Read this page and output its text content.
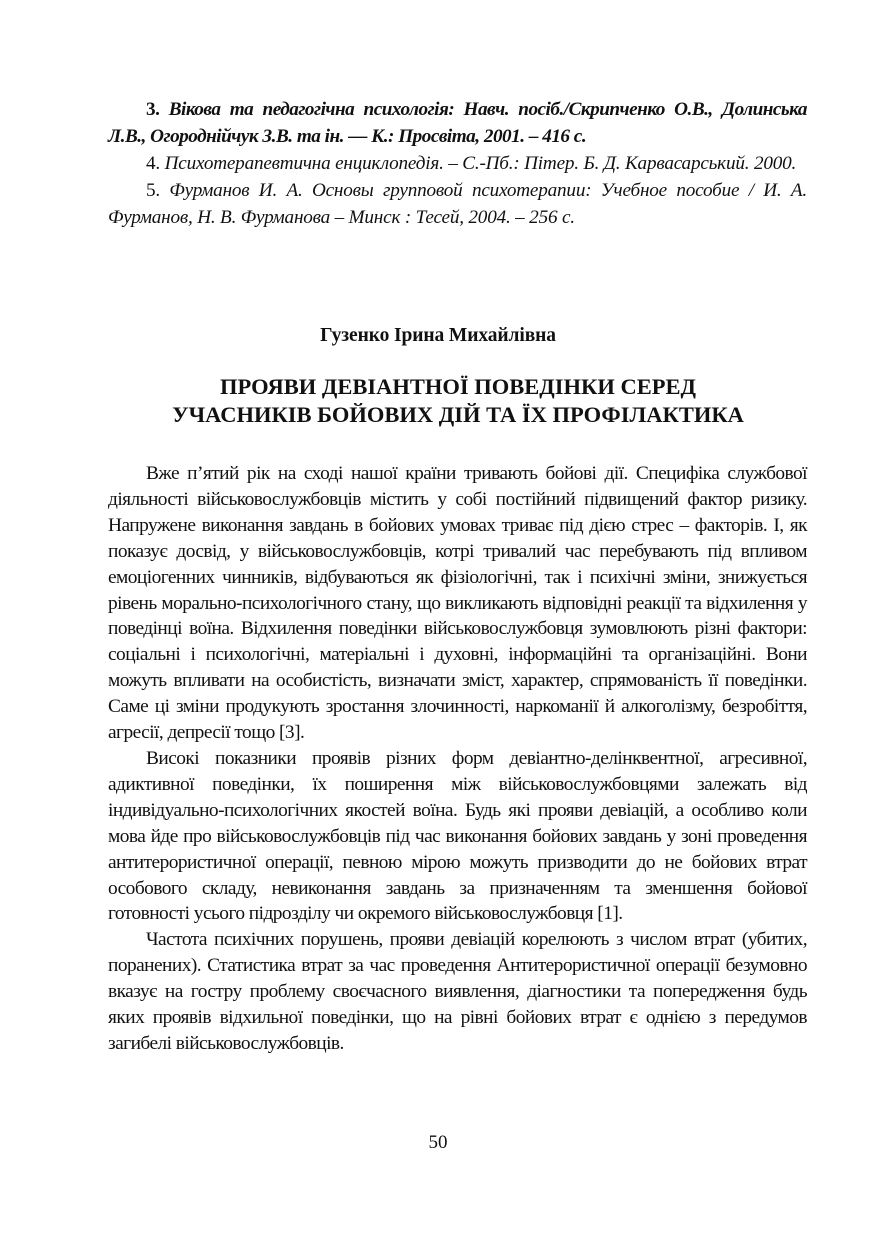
3. Вікова та педагогічна психологія: Навч. посіб./Скрипченко О.В., Долинська Л.В., Огороднійчук З.В. та ін. — К.: Просвіта, 2001. – 416 с.

4. Психотерапевтична енциклопедія. – С.-Пб.: Пітер. Б. Д. Карвасарський. 2000.

5. Фурманов И. А. Основы групповой психотерапии: Учебное пособие / И. А. Фурманов, Н. В. Фурманова – Минск : Тесей, 2004. – 256 с.

Гузенко Ірина Михайлівна
ПРОЯВИ ДЕВІАНТНОЇ ПОВЕДІНКИ СЕРЕД
УЧАСНИКІВ БОЙОВИХ ДІЙ ТА ЇХ ПРОФІЛАКТИКА

Вже п’ятий рік на сході нашої країни тривають бойові дії. Специфіка службової діяльності військовослужбовців містить у собі постійний підвищений фактор ризику. Напружене виконання завдань в бойових умовах триває під дією стрес – факторів. І, як показує досвід, у військовослужбовців, котрі тривалий час перебувають під впливом емоціогенних чинників, відбуваються як фізіологічні, так і психічні зміни, знижується рівень морально-психологічного стану, що викликають відповідні реакції та відхилення у поведінці воїна. Відхилення поведінки військовослужбовця зумовлюють різні фактори: соціальні і психологічні, матеріальні і духовні, інформаційні та організаційні. Вони можуть впливати на особистість, визначати зміст, характер, спрямованість її поведінки. Саме ці зміни продукують зростання злочинності, наркоманії й алкоголізму, безробіття, агресії, депресії тощо [3].

Високі показники проявів різних форм девіантно-делінквентної, агресивної, адиктивної поведінки, їх поширення між військовослужбовцями залежать від індивідуально-психологічних якостей воїна. Будь які прояви девіацій, а особливо коли мова йде про військовослужбовців під час виконання бойових завдань у зоні проведення антитерористичної операції, певною мірою можуть призводити до не бойових втрат особового складу, невиконання завдань за призначенням та зменшення бойової готовності усього підрозділу чи окремого військовослужбовця [1].

Частота психічних порушень, прояви девіацій корелюють з числом втрат (убитих, поранених). Статистика втрат за час проведення Антитерористичної операції безумовно вказує на гостру проблему своєчасного виявлення, діагностики та попередження будь яких проявів відхильної поведінки, що на рівні бойових втрат є однією з передумов загибелі військовослужбовців.

50
